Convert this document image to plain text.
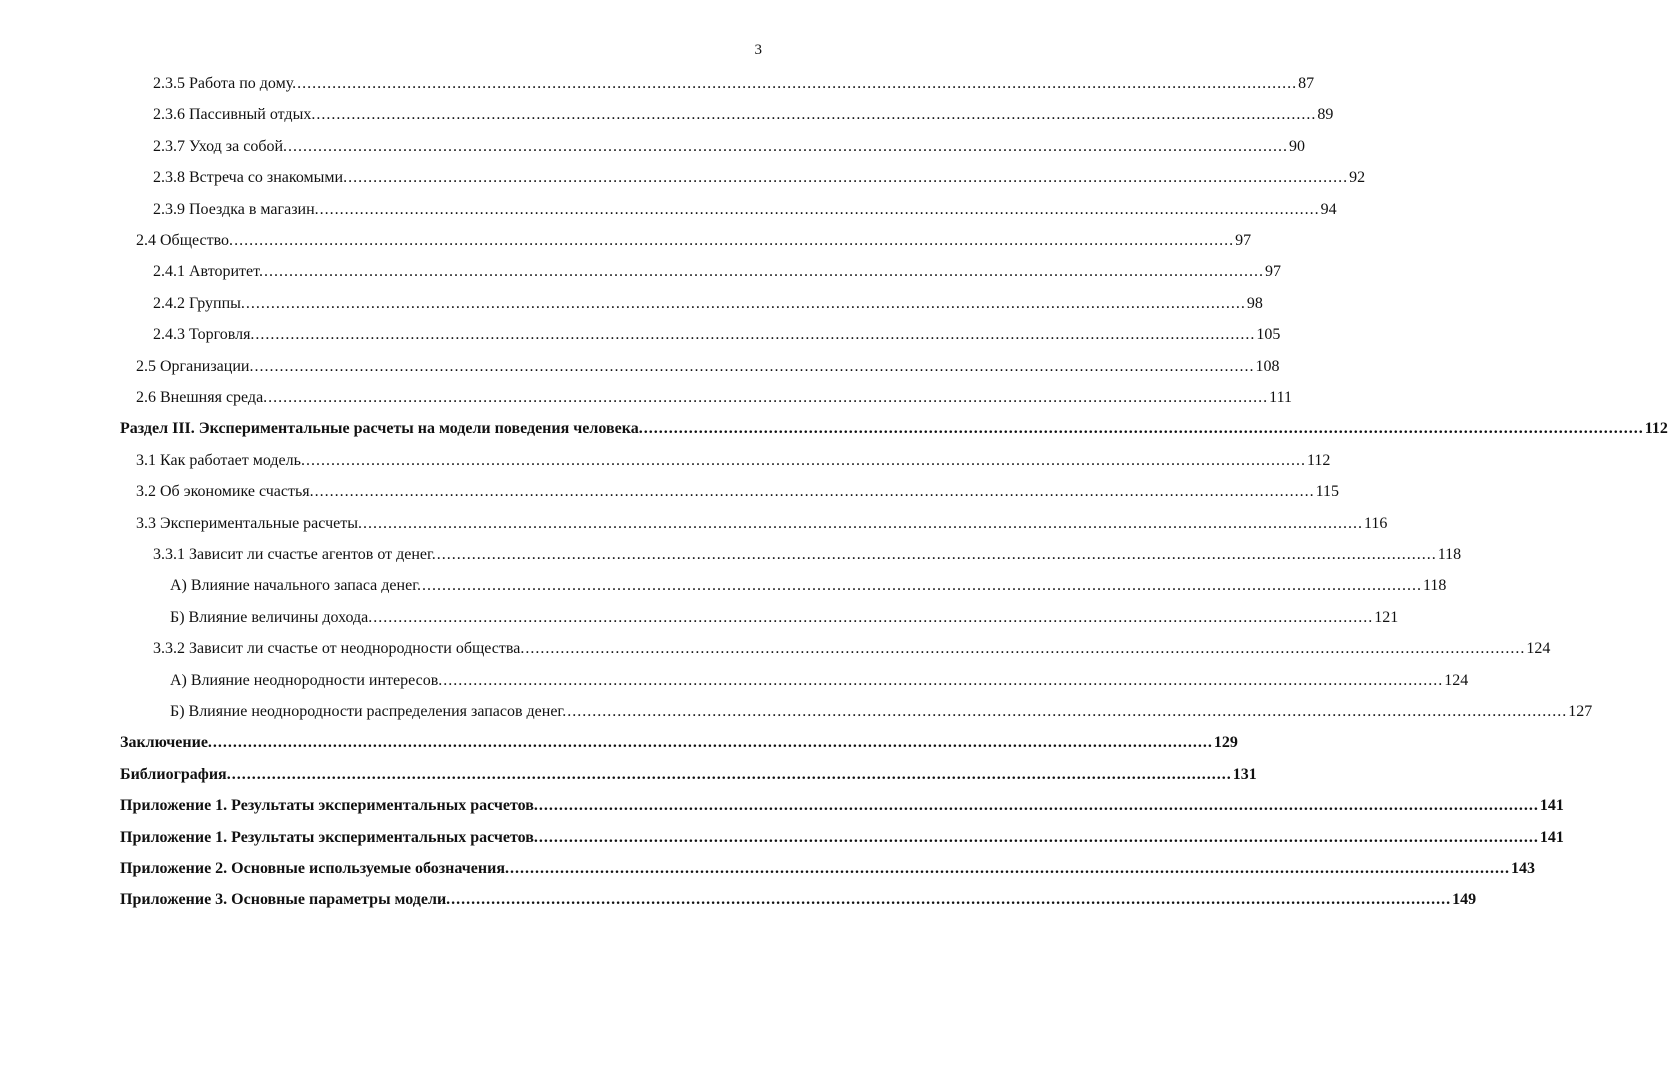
3
2.3.5 Работа по дому. ........................................................................................................................................................................................................ 87
2.3.6 Пассивный отдых. ........................................................................................................................................................................................................ 89
2.3.7 Уход за собой. ........................................................................................................................................................................................................ 90
2.3.8 Встреча со знакомыми. ........................................................................................................................................................................................................ 92
2.3.9 Поездка в магазин. ........................................................................................................................................................................................................ 94
2.4 Общество. ........................................................................................................................................................................................................ 97
2.4.1 Авторитет. ........................................................................................................................................................................................................ 97
2.4.2 Группы. ........................................................................................................................................................................................................ 98
2.4.3 Торговля. ........................................................................................................................................................................................................ 105
2.5 Организации. ........................................................................................................................................................................................................ 108
2.6 Внешняя среда. ........................................................................................................................................................................................................ 111
Раздел III. Экспериментальные расчеты на модели поведения человека. ........................................................................................................................................................................................................ 112
3.1 Как работает модель. ........................................................................................................................................................................................................ 112
3.2 Об экономике счастья. ........................................................................................................................................................................................................ 115
3.3 Экспериментальные расчеты. ........................................................................................................................................................................................................ 116
3.3.1 Зависит ли счастье агентов от денег. ........................................................................................................................................................................................................ 118
А) Влияние начального запаса денег. ........................................................................................................................................................................................................ 118
Б) Влияние величины дохода. ........................................................................................................................................................................................................ 121
3.3.2 Зависит ли счастье от неоднородности общества. ........................................................................................................................................................................................................ 124
А) Влияние неоднородности интересов. ........................................................................................................................................................................................................ 124
Б) Влияние неоднородности распределения запасов денег. ........................................................................................................................................................................................................ 127
Заключение. ........................................................................................................................................................................................................ 129
Библиография. ........................................................................................................................................................................................................ 131
Приложение 1. Результаты экспериментальных расчетов. ........................................................................................................................................................................................................ 141
Приложение 1. Результаты экспериментальных расчетов. ........................................................................................................................................................................................................ 141
Приложение 2. Основные используемые обозначения. ........................................................................................................................................................................................................ 143
Приложение 3. Основные параметры модели. ........................................................................................................................................................................................................ 149
